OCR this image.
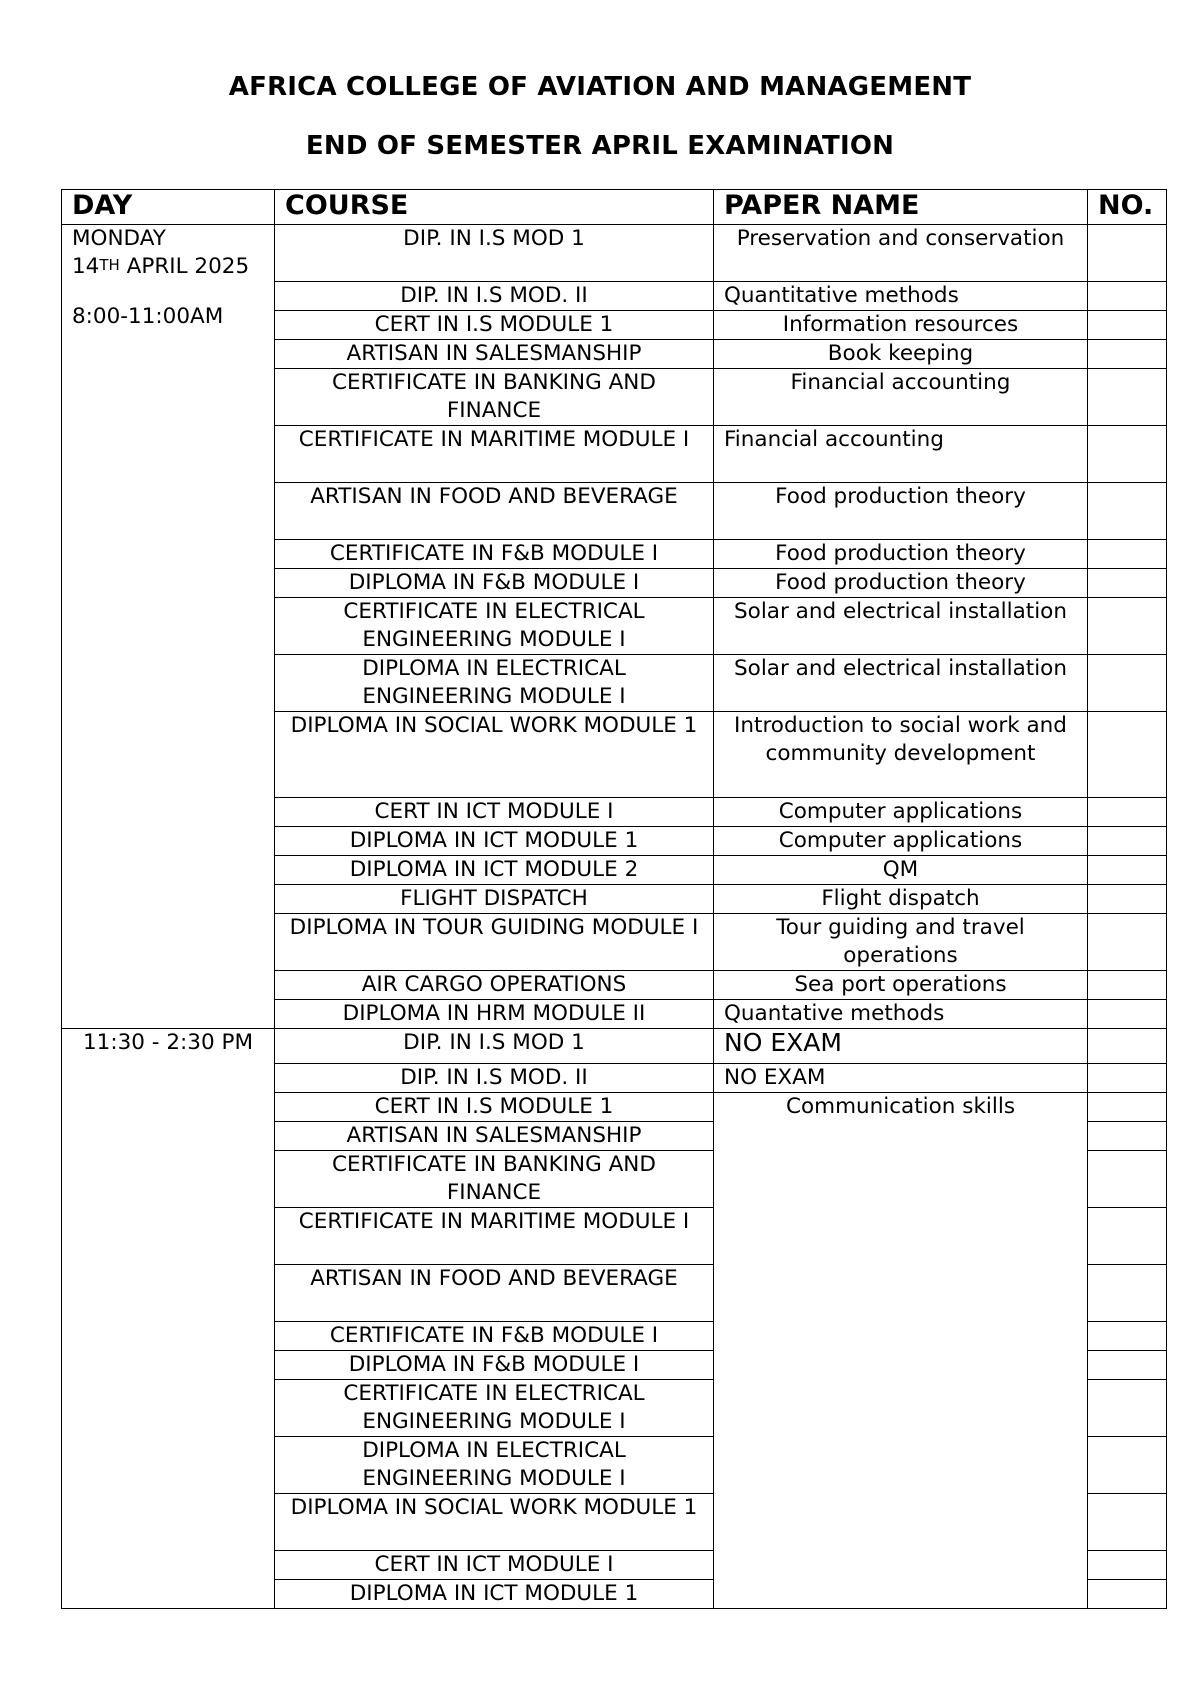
AFRICA COLLEGE OF AVIATION AND MANAGEMENT
END OF SEMESTER APRIL EXAMINATION
DAY	COURSE	PAPER NAME	NO.

MONDAY
14TH APRIL 2025
8:00-11:00AM	DIP. IN I.S MOD 1	Preservation and conservation	
	DIP. IN I.S MOD. II	Quantitative methods	
	CERT IN I.S MODULE 1	Information resources	
	ARTISAN IN SALESMANSHIP	Book keeping	
	CERTIFICATE IN BANKING AND FINANCE	Financial accounting	
	CERTIFICATE IN MARITIME MODULE I	Financial accounting	
	ARTISAN IN FOOD AND BEVERAGE	Food production theory	
	CERTIFICATE IN F&B MODULE I	Food production theory	
	DIPLOMA IN F&B MODULE I	Food production theory	
	CERTIFICATE IN ELECTRICAL ENGINEERING MODULE I	Solar and electrical installation	
	DIPLOMA IN ELECTRICAL ENGINEERING MODULE I	Solar and electrical installation	
	DIPLOMA IN SOCIAL WORK MODULE 1	Introduction to social work and community development	
	CERT IN ICT MODULE I	Computer applications	
	DIPLOMA IN ICT MODULE 1	Computer applications	
	DIPLOMA IN ICT MODULE 2	QM	
	FLIGHT DISPATCH	Flight dispatch	
	DIPLOMA IN TOUR GUIDING MODULE I	Tour guiding and travel operations	
	AIR CARGO OPERATIONS	Sea port operations	
	DIPLOMA IN HRM MODULE II	Quantative methods	
11:30 - 2:30 PM	DIP. IN I.S MOD 1	NO EXAM	
	DIP. IN I.S MOD. II	NO EXAM	
	CERT IN I.S MODULE 1	Communication skills	
	ARTISAN IN SALESMANSHIP		
	CERTIFICATE IN BANKING AND FINANCE		
	CERTIFICATE IN MARITIME MODULE I		
	ARTISAN IN FOOD AND BEVERAGE		
	CERTIFICATE IN F&B MODULE I		
	DIPLOMA IN F&B MODULE I		
	CERTIFICATE IN ELECTRICAL ENGINEERING MODULE I		
	DIPLOMA IN ELECTRICAL ENGINEERING MODULE I		
	DIPLOMA IN SOCIAL WORK MODULE 1		
	CERT IN ICT MODULE I		
	DIPLOMA IN ICT MODULE 1		
